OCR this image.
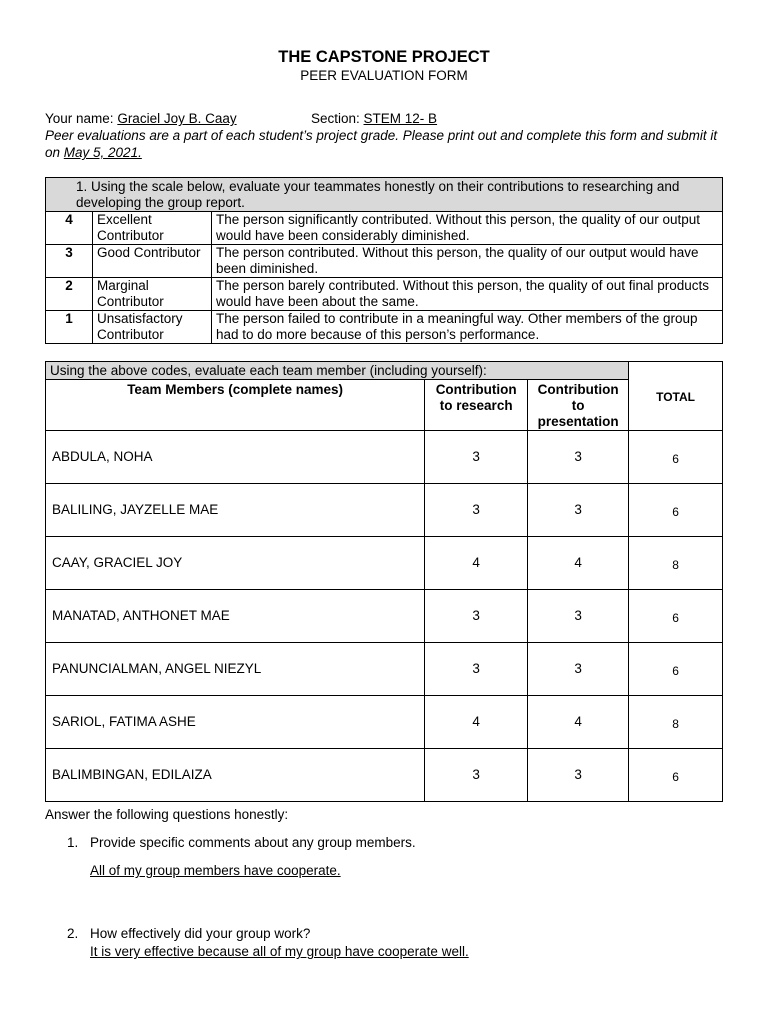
THE CAPSTONE PROJECT
PEER EVALUATION FORM
Your name: Graciel Joy B. Caay	Section: STEM 12- B
Peer evaluations are a part of each student’s project grade. Please print out and complete this form and submit it on May 5, 2021.
1. Using the scale below, evaluate your teammates honestly on their contributions to researching and developing the group report.		
4	Excellent Contributor	The person significantly contributed. Without this person, the quality of our output would have been considerably diminished.
3	Good Contributor	The person contributed. Without this person, the quality of our output would have been diminished.
2	Marginal Contributor	The person barely contributed. Without this person, the quality of out final products would have been about the same.
1	Unsatisfactory Contributor	The person failed to contribute in a meaningful way. Other members of the group had to do more because of this person’s performance.
Using the above codes, evaluate each team member (including yourself):			TOTAL
Team Members (complete names)	Contribution to research	Contribution to presentation	
ABDULA, NOHA	3	3	6
BALILING, JAYZELLE MAE	3	3	6
CAAY, GRACIEL JOY	4	4	8
MANATAD, ANTHONET MAE	3	3	6
PANUNCIALMAN, ANGEL NIEZYL	3	3	6
SARIOL, FATIMA ASHE	4	4	8
BALIMBINGAN, EDILAIZA	3	3	6
Answer the following questions honestly:
1. Provide specific comments about any group members.
All of my group members have cooperate.
2. How effectively did your group work?
It is very effective because all of my group have cooperate well.
